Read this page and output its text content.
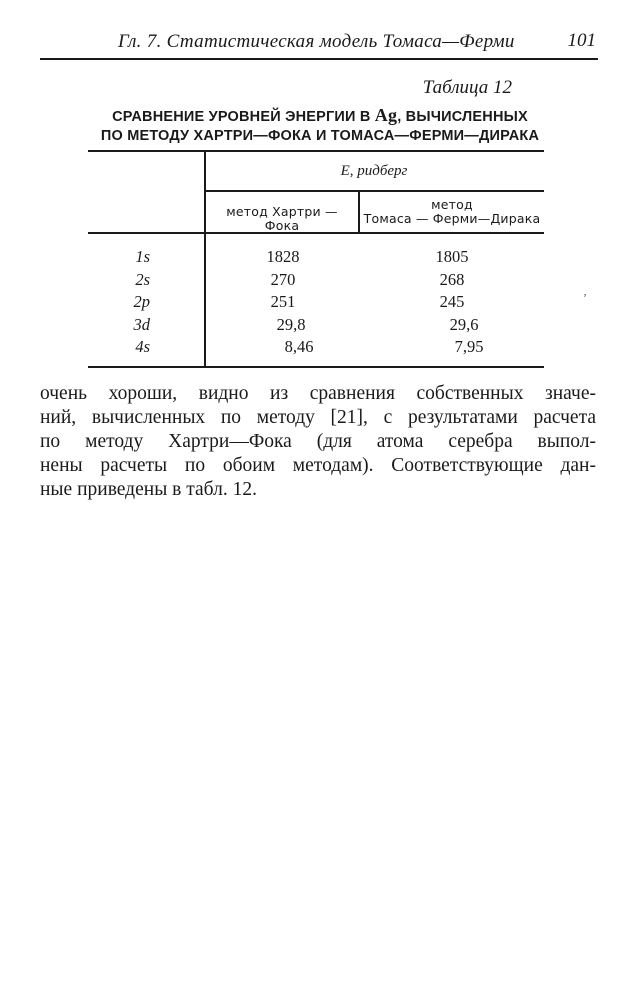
Гл. 7. Статистическая модель Томаса—Ферми	101
Таблица 12
СРАВНЕНИЕ УРОВНЕЙ ЭНЕРГИИ В Ag, ВЫЧИСЛЕННЫХ
ПО МЕТОДУ ХАРТРИ—ФОКА И ТОМАСА—ФЕРМИ—ДИРАКА
E, ридберг
метод Хартри — Фока
метод
Томаса — Ферми—Дирака
1s	1828	1805
2s	270	268
2p	251	245
3d	29,8	29,6
4s	8,46	7,95
ʼ
очень хороши, видно из сравнения собственных значе-
ний, вычисленных по методу [21], с результатами расчета
по методу Хартри—Фока (для атома серебра выпол-
нены расчеты по обоим методам). Соответствующие дан-
ные приведены в табл. 12.
